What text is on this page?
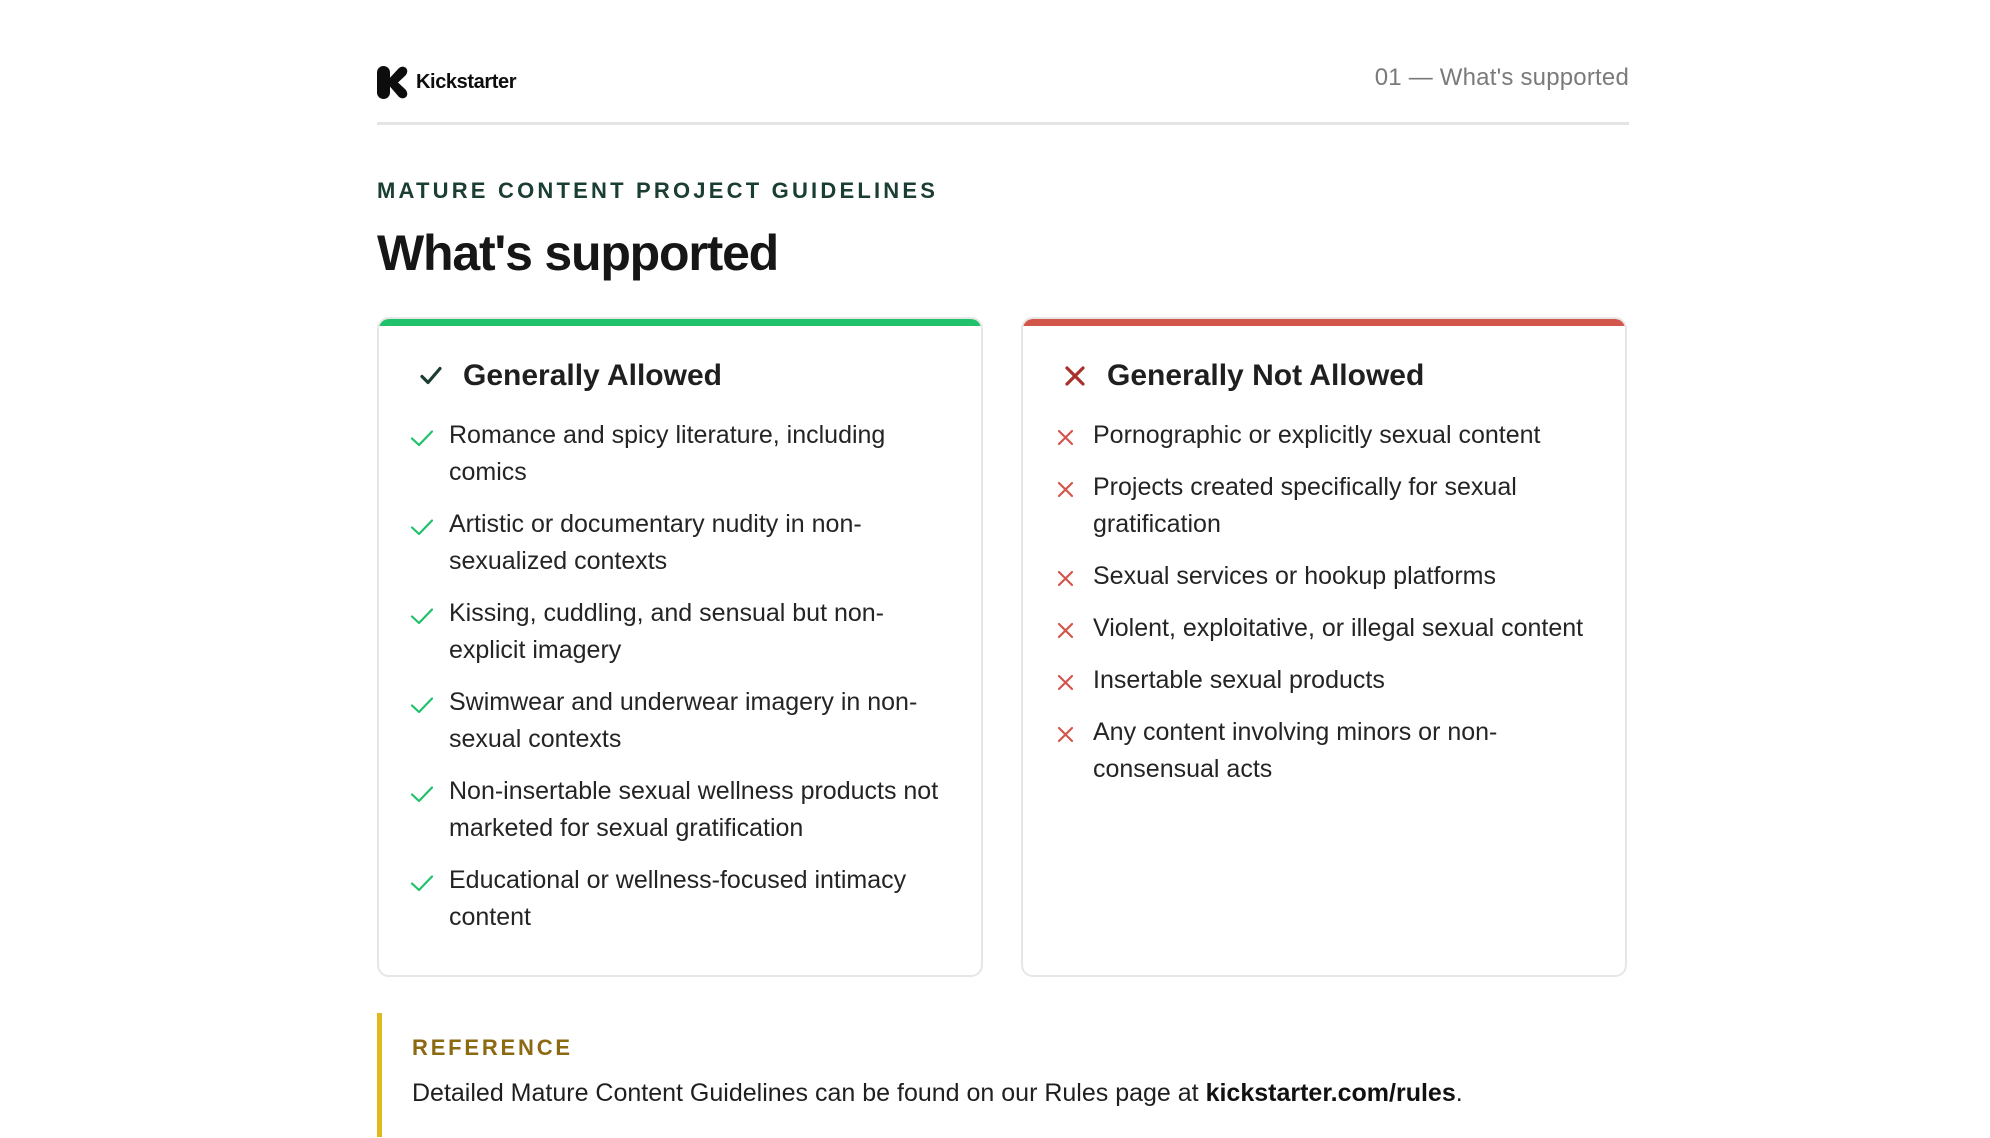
Kickstarter	01 — What's supported
MATURE CONTENT PROJECT GUIDELINES
What's supported
Generally Allowed
Romance and spicy literature, including comics
Artistic or documentary nudity in non-sexualized contexts
Kissing, cuddling, and sensual but non-explicit imagery
Swimwear and underwear imagery in non-sexual contexts
Non-insertable sexual wellness products not marketed for sexual gratification
Educational or wellness-focused intimacy content
Generally Not Allowed
Pornographic or explicitly sexual content
Projects created specifically for sexual gratification
Sexual services or hookup platforms
Violent, exploitative, or illegal sexual content
Insertable sexual products
Any content involving minors or non-consensual acts
REFERENCE
Detailed Mature Content Guidelines can be found on our Rules page at kickstarter.com/rules.
